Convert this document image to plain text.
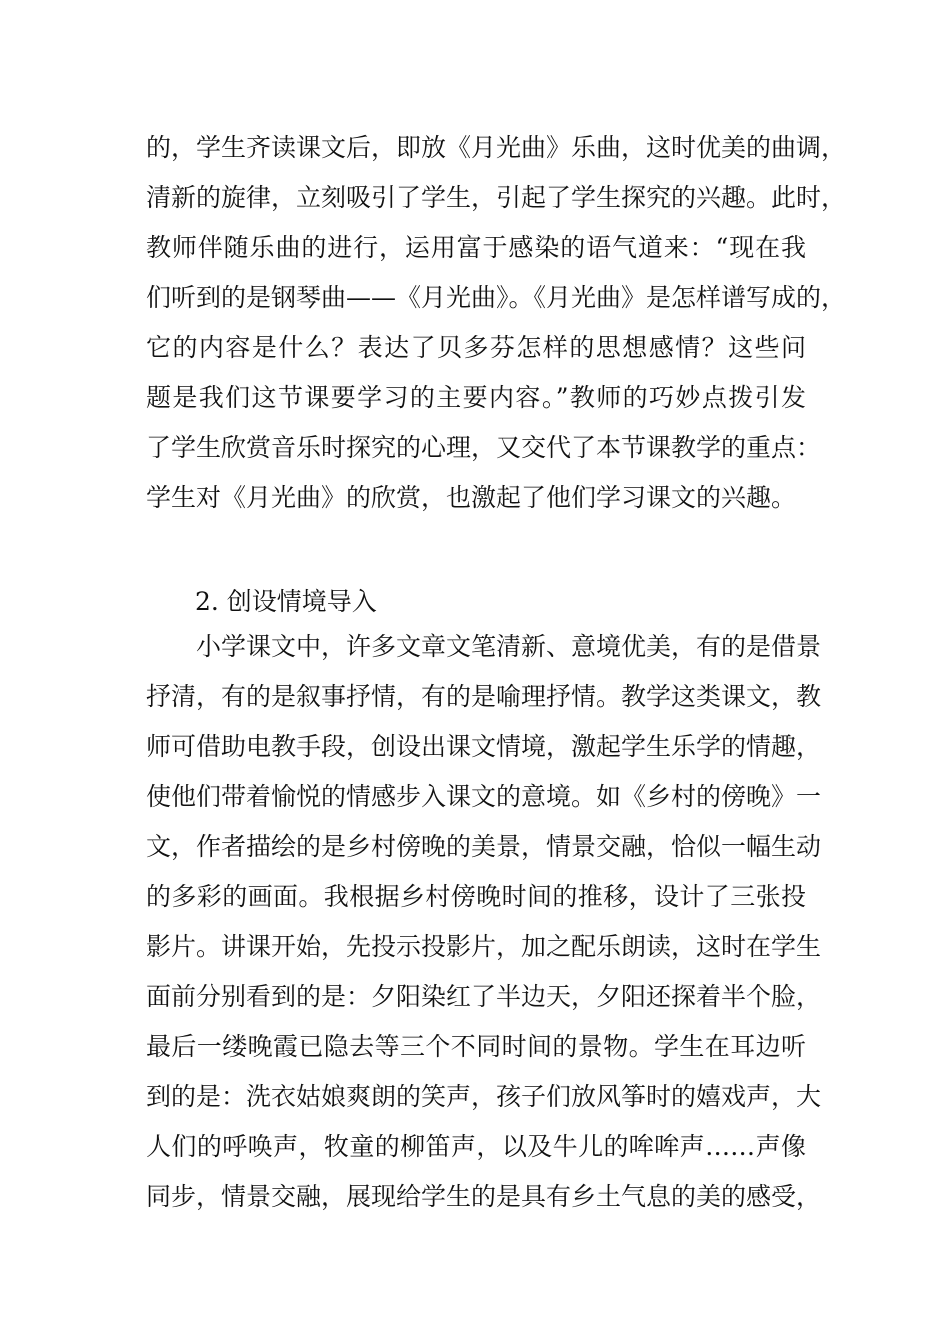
的，学生齐读课文后，即放《月光曲》乐曲，这时优美的曲调，
清新的旋律，立刻吸引了学生，引起了学生探究的兴趣。此时，
教师伴随乐曲的进行，运用富于感染的语气道来：“现在我
们听到的是钢琴曲——《月光曲》。《月光曲》是怎样谱写成的，
它的内容是什么？表达了贝多芬怎样的思想感情？这些问
题是我们这节课要学习的主要内容。”教师的巧妙点拨引发
了学生欣赏音乐时探究的心理，又交代了本节课教学的重点：
学生对《月光曲》的欣赏，也激起了他们学习课文的兴趣。
2. 创设情境导入
　　小学课文中，许多文章文笔清新、意境优美，有的是借景
抒清，有的是叙事抒情，有的是喻理抒情。教学这类课文，教
师可借助电教手段，创设出课文情境，激起学生乐学的情趣，
使他们带着愉悦的情感步入课文的意境。如《乡村的傍晚》一
文，作者描绘的是乡村傍晚的美景，情景交融，恰似一幅生动
的多彩的画面。我根据乡村傍晚时间的推移，设计了三张投
影片。讲课开始，先投示投影片，加之配乐朗读，这时在学生
面前分别看到的是：夕阳染红了半边天，夕阳还探着半个脸，
最后一缕晚霞已隐去等三个不同时间的景物。学生在耳边听
到的是：洗衣姑娘爽朗的笑声，孩子们放风筝时的嬉戏声，大
人们的呼唤声，牧童的柳笛声，以及牛儿的哞哞声……声像
同步，情景交融，展现给学生的是具有乡土气息的美的感受，
